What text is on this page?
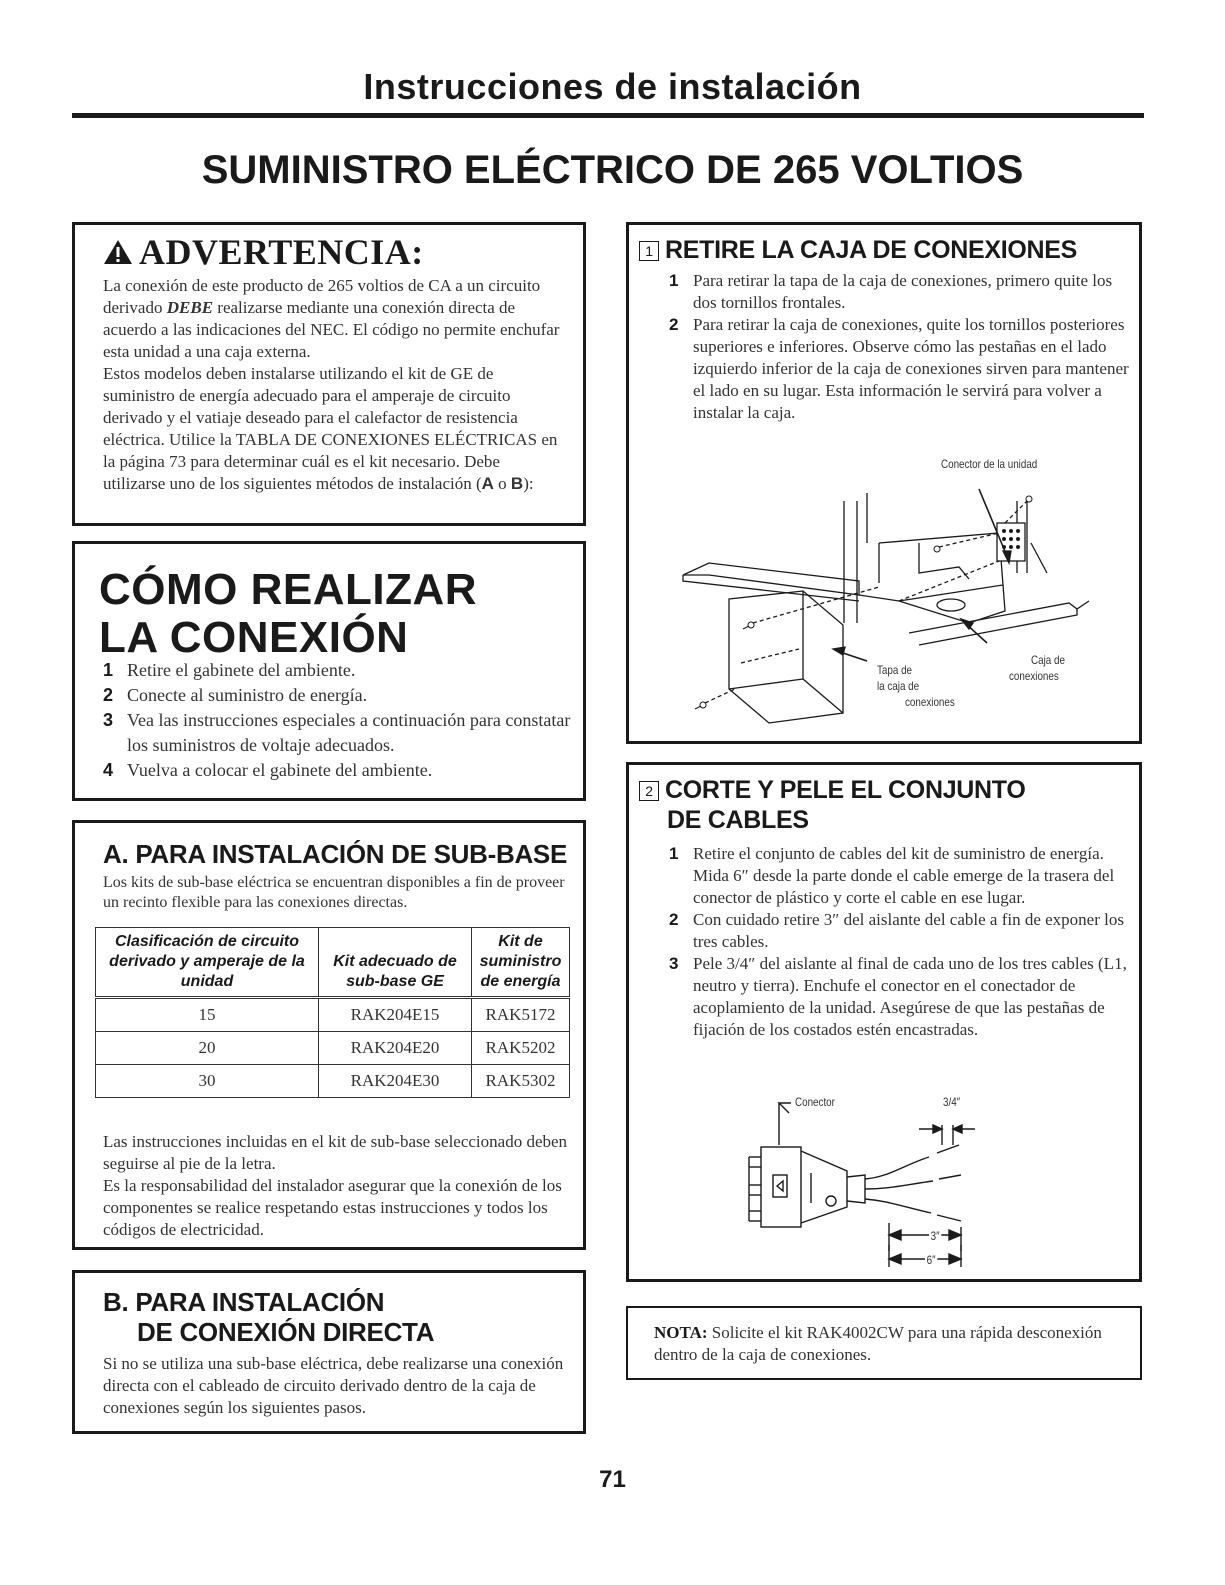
Instrucciones de instalación
SUMINISTRO ELÉCTRICO DE 265 VOLTIOS
ADVERTENCIA:

La conexión de este producto de 265 voltios de CA a un circuito derivado DEBE realizarse mediante una conexión directa de acuerdo a las indicaciones del NEC. El código no permite enchufar esta unidad a una caja externa.

Estos modelos deben instalarse utilizando el kit de GE de suministro de energía adecuado para el amperaje de circuito derivado y el vatiaje deseado para el calefactor de resistencia eléctrica. Utilice la TABLA DE CONEXIONES ELÉCTRICAS en la página 73 para determinar cuál es el kit necesario. Debe utilizarse uno de los siguientes métodos de instalación (A o B):

CÓMO REALIZAR
LA CONEXIÓN
1 Retire el gabinete del ambiente.
2 Conecte al suministro de energía.
3 Vea las instrucciones especiales a continuación para constatar los suministros de voltaje adecuados.
4 Vuelva a colocar el gabinete del ambiente.
A. PARA INSTALACIÓN DE SUB-BASE
Los kits de sub-base eléctrica se encuentran disponibles a fin de proveer un recinto flexible para las conexiones directas.
Clasificación de circuito derivado y amperaje de la unidad	Kit adecuado de sub-base GE	Kit de suministro de energía
15	RAK204E15	RAK5172
20	RAK204E20	RAK5202
30	RAK204E30	RAK5302

Las instrucciones incluidas en el kit de sub-base seleccionado deben seguirse al pie de la letra.

Es la responsabilidad del instalador asegurar que la conexión de los componentes se realice respetando estas instrucciones y todos los códigos de electricidad.

B. PARA INSTALACIÓN
DE CONEXIÓN DIRECTA
Si no se utiliza una sub-base eléctrica, debe realizarse una conexión directa con el cableado de circuito derivado dentro de la caja de conexiones según los siguientes pasos.
1 RETIRE LA CAJA DE CONEXIONES
1 Para retirar la tapa de la caja de conexiones, primero quite los dos tornillos frontales.
2 Para retirar la caja de conexiones, quite los tornillos posteriores superiores e inferiores. Observe cómo las pestañas en el lado izquierdo inferior de la caja de conexiones sirven para mantener el lado en su lugar. Esta información le servirá para volver a instalar la caja.
Conector de la unidad
Tapa de
la caja de
conexiones
Caja de
conexiones
2 CORTE Y PELE EL CONJUNTO
DE CABLES
1 Retire el conjunto de cables del kit de suministro de energía. Mida 6″ desde la parte donde el cable emerge de la trasera del conector de plástico y corte el cable en ese lugar.
2 Con cuidado retire 3″ del aislante del cable a fin de exponer los tres cables.
3 Pele 3/4″ del aislante al final de cada uno de los tres cables (L1, neutro y tierra). Enchufe el conector en el conectador de acoplamiento de la unidad. Asegúrese de que las pestañas de fijación de los costados estén encastradas.
Conector	3/4″
3″
6″
NOTA: Solicite el kit RAK4002CW para una rápida desconexión dentro de la caja de conexiones.
71
